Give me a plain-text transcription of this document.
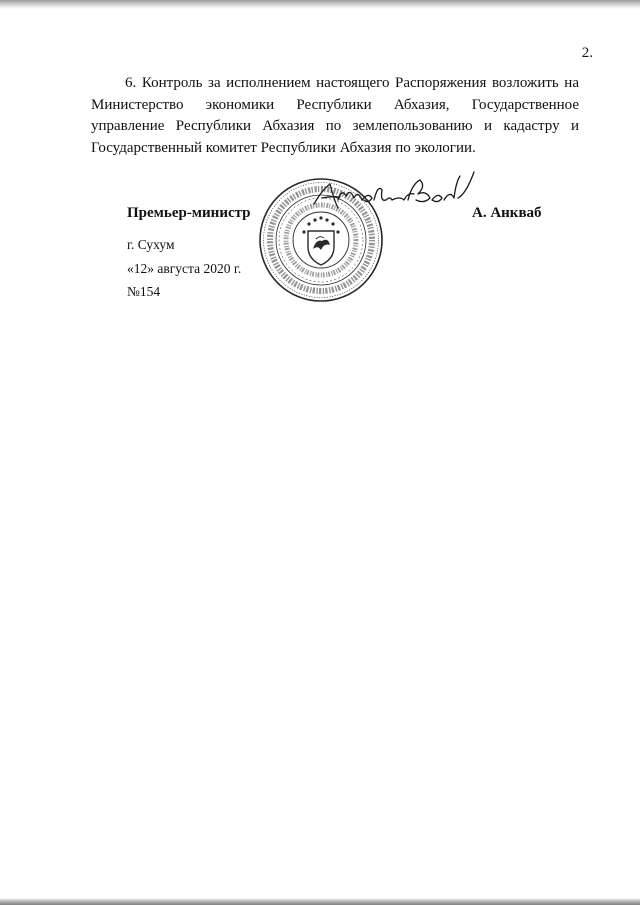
2.

6. Контроль за исполнением настоящего Распоряжения возложить на Министерство экономики Республики Абхазия, Государственное управление Республики Абхазия по землепользованию и кадастру и Государственный комитет Республики Абхазия по экологии.

Премьер-министр	А. Анкваб
г. Сухум
«12» августа 2020 г.
№154
